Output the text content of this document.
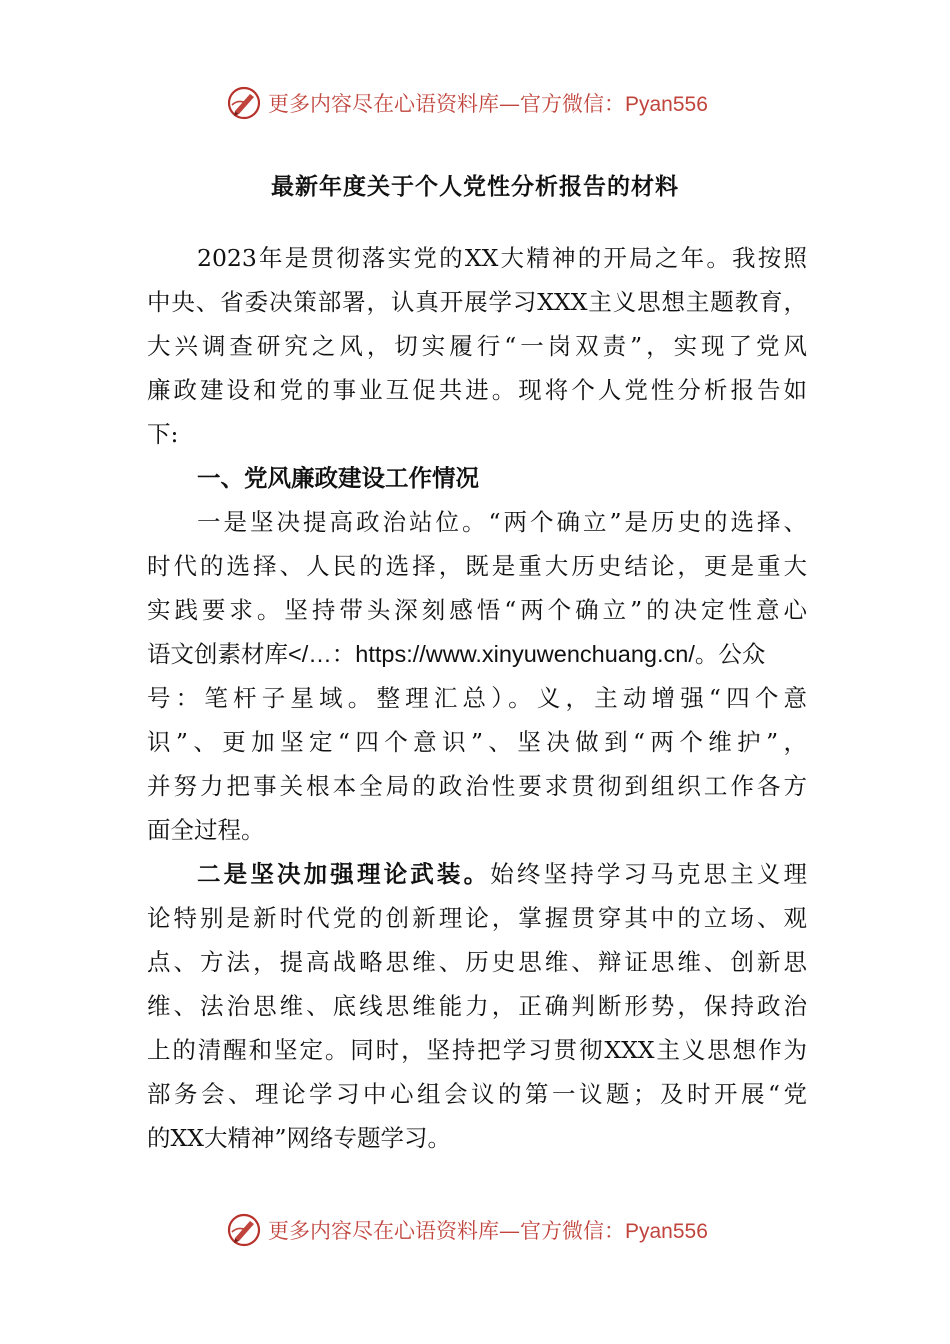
更多内容尽在心语资料库—官方微信：Pyan556
最新年度关于个人党性分析报告的材料
2023年是贯彻落实党的XX大精神的开局之年。我按照
中央、省委决策部署，认真开展学习XXX主义思想主题教育，
大兴调查研究之风，切实履行“一岗双责”，实现了党风
廉政建设和党的事业互促共进。现将个人党性分析报告如
下:
一、党风廉政建设工作情况
一是坚决提高政治站位。“两个确立”是历史的选择、
时代的选择、人民的选择，既是重大历史结论，更是重大
实践要求。坚持带头深刻感悟“两个确立”的决定性意心
语文创素材库</…：https://www.xinyuwenchuang.cn/。公众
号：笔杆子星域。整理汇总）。义，主动增强“四个意
识”、更加坚定“四个意识”、坚决做到“两个维护”，
并努力把事关根本全局的政治性要求贯彻到组织工作各方
面全过程。
二是坚决加强理论武装。始终坚持学习马克思主义理
论特别是新时代党的创新理论，掌握贯穿其中的立场、观
点、方法，提高战略思维、历史思维、辩证思维、创新思
维、法治思维、底线思维能力，正确判断形势，保持政治
上的清醒和坚定。同时，坚持把学习贯彻XXX主义思想作为
部务会、理论学习中心组会议的第一议题；及时开展“党
的XX大精神”网络专题学习。
更多内容尽在心语资料库—官方微信：Pyan556
